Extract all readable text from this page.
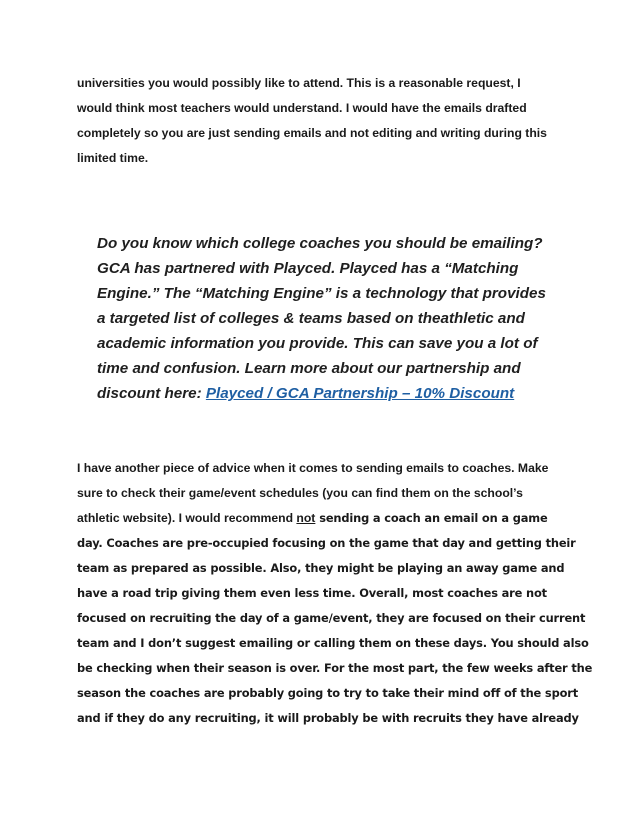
universities you would possibly like to attend. This is a reasonable request, I
would think most teachers would understand. I would have the emails drafted
completely so you are just sending emails and not editing and writing during this
limited time.
Do you know which college coaches you should be emailing?
GCA has partnered with Playced. Playced has a “Matching
Engine.” The “Matching Engine” is a technology that provides
a targeted list of colleges & teams based on theathletic and
academic information you provide. This can save you a lot of
time and confusion. Learn more about our partnership and
discount here: Playced / GCA Partnership – 10% Discount
I have another piece of advice when it comes to sending emails to coaches. Make
sure to check their game/event schedules (you can find them on the school’s
athletic website). I would recommend not sending a coach an email on a game
day. Coaches are pre-occupied focusing on the game that day and getting their
team as prepared as possible. Also, they might be playing an away game and
have a road trip giving them even less time. Overall, most coaches are not
focused on recruiting the day of a game/event, they are focused on their current
team and I don’t suggest emailing or calling them on these days. You should also
be checking when their season is over. For the most part, the few weeks after the
season the coaches are probably going to try to take their mind off of the sport
and if they do any recruiting, it will probably be with recruits they have already
